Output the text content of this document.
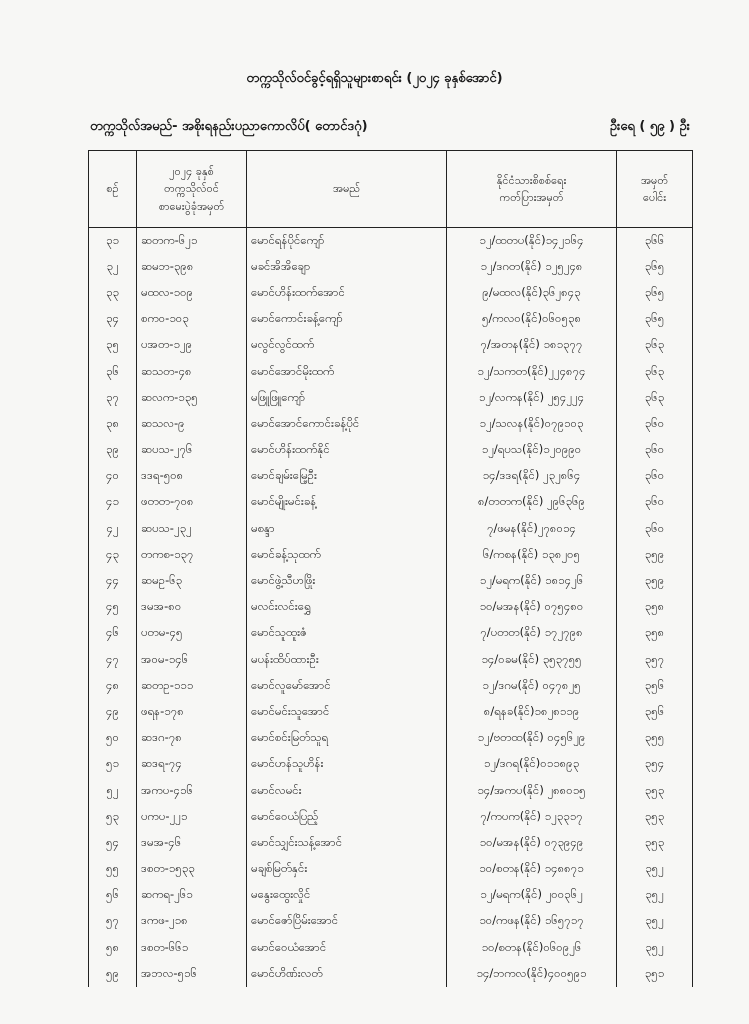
တက္ကသိုလ်ဝင်ခွင့်ရရှိသူများစာရင်း (၂၀၂၄ ခုနှစ်အောင်)
တက္ကသိုလ်အမည်- အစိုးရနည်းပညာကောလိပ်( တောင်ဒဂုံ)	ဦးရေ ( ၅၉ ) ဦး
စဉ်	၂၀၂၄ ခုနှစ်
တက္ကသိုလ်ဝင်
စာမေးပွဲခုံအမှတ်	အမည်	နိုင်ငံသားစိစစ်ရေး
ကတ်ပြားအမှတ်	အမှတ်
ပေါင်း
၃၁	ဆတက-၆၂၁	မောင်ရန်ပိုင်ကျော်	၁၂/ထတပ(နိုင်)၁၄၂၁၆၄	၃၆၆
၃၂	ဆမဘ-၃၉၈	မခင်အိအိချော	၁၂/ဒဂတ(နိုင်) ၁၂၅၂၄၈	၃၆၅
၃၃	မထလ-၁၀၉	မောင်ဟိန်းထက်အောင်	၉/မထလ(နိုင်)၃၆၂၈၄၃	၃၆၅
၃၄	စကဝ-၁၀၃	မောင်ကောင်းခန့်ကျော်	၅/ကလဝ(နိုင်)၀၆၀၅၃၈	၃၆၅
၃၅	ပအတ-၁၂၉	မလွင်လွင်ထက်	၇/အတန(နိုင်) ၁၈၁၃၇၇	၃၆၃
၃၆	ဆသတ-၄၈	မောင်အောင်မိုးထက်	၁၂/သကတ(နိုင်)၂၂၄၈၇၄	၃၆၃
၃၇	ဆလက-၁၃၅	မဖြူဖြူကျော်	၁၂/လကန(နိုင်) ၂၅၄၂၂၄	၃၆၃
၃၈	ဆသလ-၉	မောင်အောင်ကောင်းခန့်ပိုင်	၁၂/သလန(နိုင်)၀၇၉၁၀၃	၃၆၀
၃၉	ဆပသ-၂၇၆	မောင်ဟိန်းထက်နိုင်	၁၂/ရပသ(နိုင်)၁၂၀၉၉၀	၃၆၀
၄၀	ဒဒရ-၅၀၈	မောင်ချမ်းမြေ့ဦး	၁၄/ဒဒရ(နိုင်) ၂၃၂၈၆၄	၃၆၀
၄၁	ဖတတ-၇၀၈	မောင်မျိုးမင်းခန့်	၈/တတက(နိုင်) ၂၉၆၃၆၉	၃၆၀
၄၂	ဆပသ-၂၃၂	မစန္ဒာ	၇/ဖမန(နိုင်)၂၇၈၀၁၄	၃၆၀
၄၃	တကစ-၁၃၇	မောင်ခန့်သုထက်	၆/ကစန(နိုင်) ၁၃၈၂၀၅	၃၅၉
၄၄	ဆမဥ-၆၃	မောင်ဖွဲ့သီဟဖြိုး	၁၂/မရက(နိုင်) ၁၈၁၄၂၆	၃၅၉
၄၅	ဒမအ-၈၀	မလင်းလင်းရွှေ	၁၀/မအန(နိုင်) ၀၇၅၄၈၀	၃၅၈
၄၆	ပတမ-၄၅	မောင်သူထူးဇံ	၇/ပတတ(နိုင်) ၁၇၂၇၉၈	၃၅၈
၄၇	အဝမ-၁၄၆	မပန်းထိပ်ထားဦး	၁၄/ဝခမ(နိုင်) ၃၅၃၇၅၅	၃၅၇
၄၈	ဆတဥ-၁၁၁	မောင်လူမော်အောင်	၁၂/ဒဂမ(နိုင်) ၀၄၇၈၂၅	၃၅၆
၄၉	ဖရန-၁၇၈	မောင်မင်းသူအောင်	၈/ရနခ(နိုင်)၁၈၂၈၁၁၉	၃၅၆
၅၀	ဆဒဂ-၇၈	မောင်စင်းမြတ်သူရ	၁၂/ဗတထ(နိုင်) ၀၄၅၆၂၉	၃၅၅
၅၁	ဆဒရ-၇၄	မောင်ဟန်သူဟိန်း	၁၂/ဒဂရ(နိုင်)၀၁၁၈၉၃	၃၅၄
၅၂	အကပ-၄၁၆	မောင်လမင်း	၁၄/အကပ(နိုင်) ၂၈၈၀၁၅	၃၅၃
၅၃	ပကပ-၂၂၁	မောင်ဝေယံပြည့်	၇/ကပက(နိုင်) ၁၂၃၃၁၇	၃၅၃
၅၄	ဒမအ-၄၆	မောင်သျှင်းသန့်အောင်	၁၀/မအန(နိုင်) ၀၇၃၉၄၉	၃၅၃
၅၅	ဒစတ-၁၅၃၃	မချစ်မြတ်နှင်း	၁၀/စတန(နိုင်) ၁၄၈၈၇၁	၃၅၂
၅၆	ဆကရ-၂၆၁	မနွေးထွေးလှိုင်	၁၂/မရက(နိုင်) ၂၀၀၃၆၂	၃၅၂
၅၇	ဒကဖ-၂၁၈	မောင်ဇော်ပြိမ်းအောင်	၁၀/ကဖန(နိုင်) ၁၆၅၇၁၇	၃၅၂
၅၈	ဒစတ-၆၆၁	မောင်ဝေယံအောင်	၁၀/စတန(နိုင်)၀၆၀၉၂၆	၃၅၂
၅၉	အဘလ-၅၁၆	မောင်ဟိဏ်းလတ်	၁၄/ဘကလ(နိုင်)၄၀၀၅၉၁	၃၅၁
